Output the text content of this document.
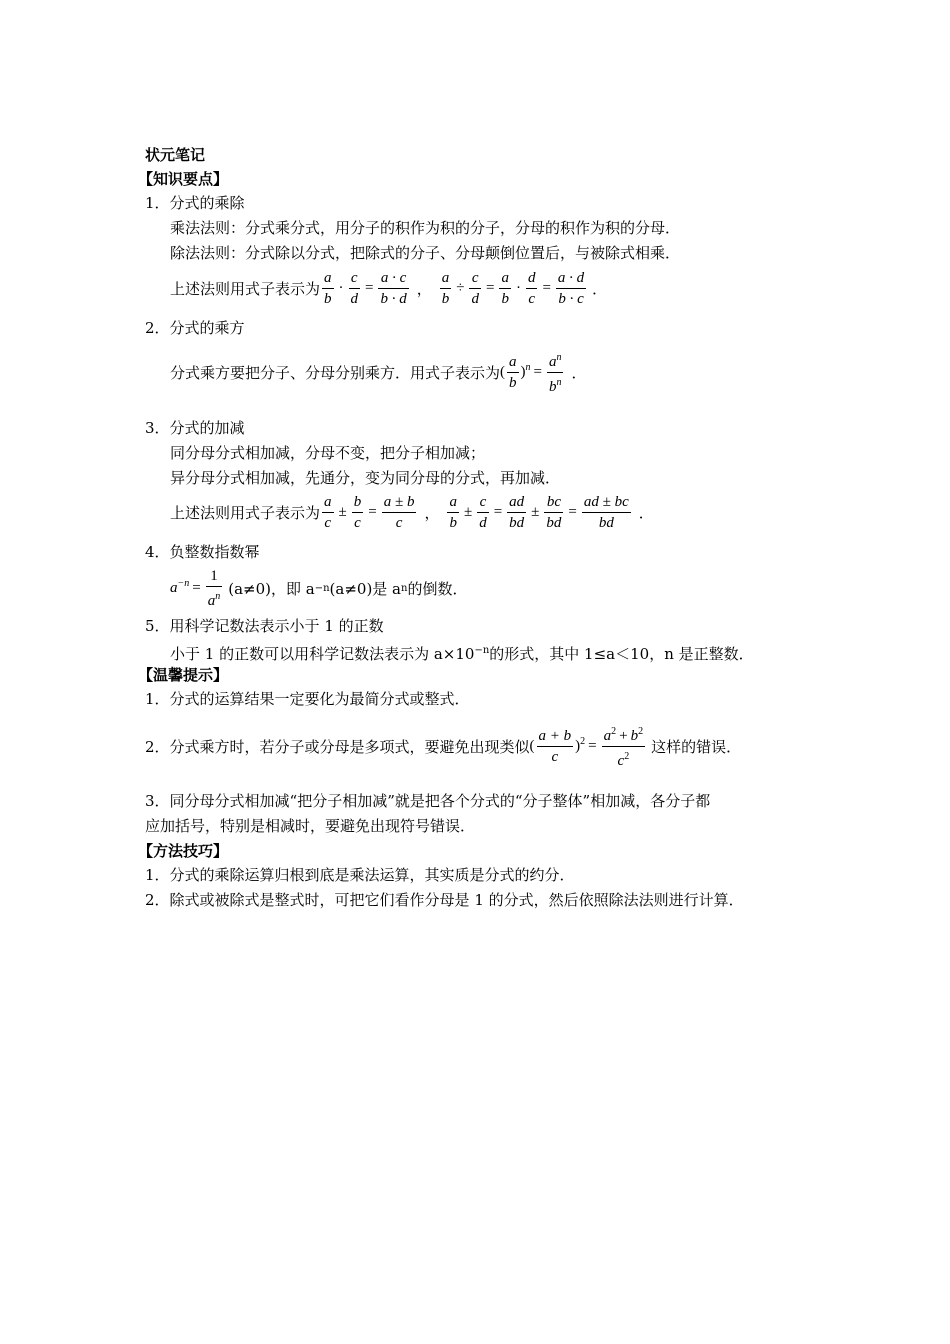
状元笔记
【知识要点】
1．分式的乘除
乘法法则：分式乘分式，用分子的积作为积的分子，分母的积作为积的分母．
除法法则：分式除以分式，把除式的分子、分母颠倒位置后，与被除式相乘．
上述法则用式子表示为 $\frac{a}{b} \cdot \frac{c}{d} = \frac{a \cdot c}{b \cdot d}$ ， $\frac{a}{b} \div \frac{c}{d} = \frac{a}{b} \cdot \frac{d}{c} = \frac{a \cdot d}{b \cdot c}$ ．
2．分式的乘方
分式乘方要把分子、分母分别乘方．用式子表示为 ( $\frac{a}{b} )^n = \frac{a^n}{b^n}$ ．
3．分式的加减
同分母分式相加减，分母不变，把分子相加减；
异分母分式相加减，先通分，变为同分母的分式，再加减．
上述法则用式子表示为 $\frac{a}{c} \pm \frac{b}{c} = \frac{a \pm b}{c}$ ， $\frac{a}{b} \pm \frac{c}{d} = \frac{ad}{bd} \pm \frac{bc}{bd} = \frac{ad \pm bc}{bd}$ ．
4．负整数指数幂
$a^{-n} = \frac{1}{a^n} (a\ne 0)$，即 a −n (a≠0)是 a n 的倒数．
5．用科学记数法表示小于 1 的正数
小于 1 的正数可以用科学记数法表示为 $a\times 10^{-n}$的形式，其中 1≤a＜10，n 是正整数．
【温馨提示】
1．分式的运算结果一定要化为最简分式或整式．
2．分式乘方时，若分子或分母是多项式，要避免出现类似 ( $\frac{a + b}{c} )^2 = \frac{a^2 + b^2}{c^2}$ 这样的错误．
3．同分母分式相加减“把分子相加减”就是把各个分式的“分子整体”相加减，各分子都
应加括号，特别是相减时，要避免出现符号错误．
【方法技巧】
1．分式的乘除运算归根到底是乘法运算，其实质是分式的约分．
2．除式或被除式是整式时，可把它们看作分母是 1 的分式，然后依照除法法则进行计算．
